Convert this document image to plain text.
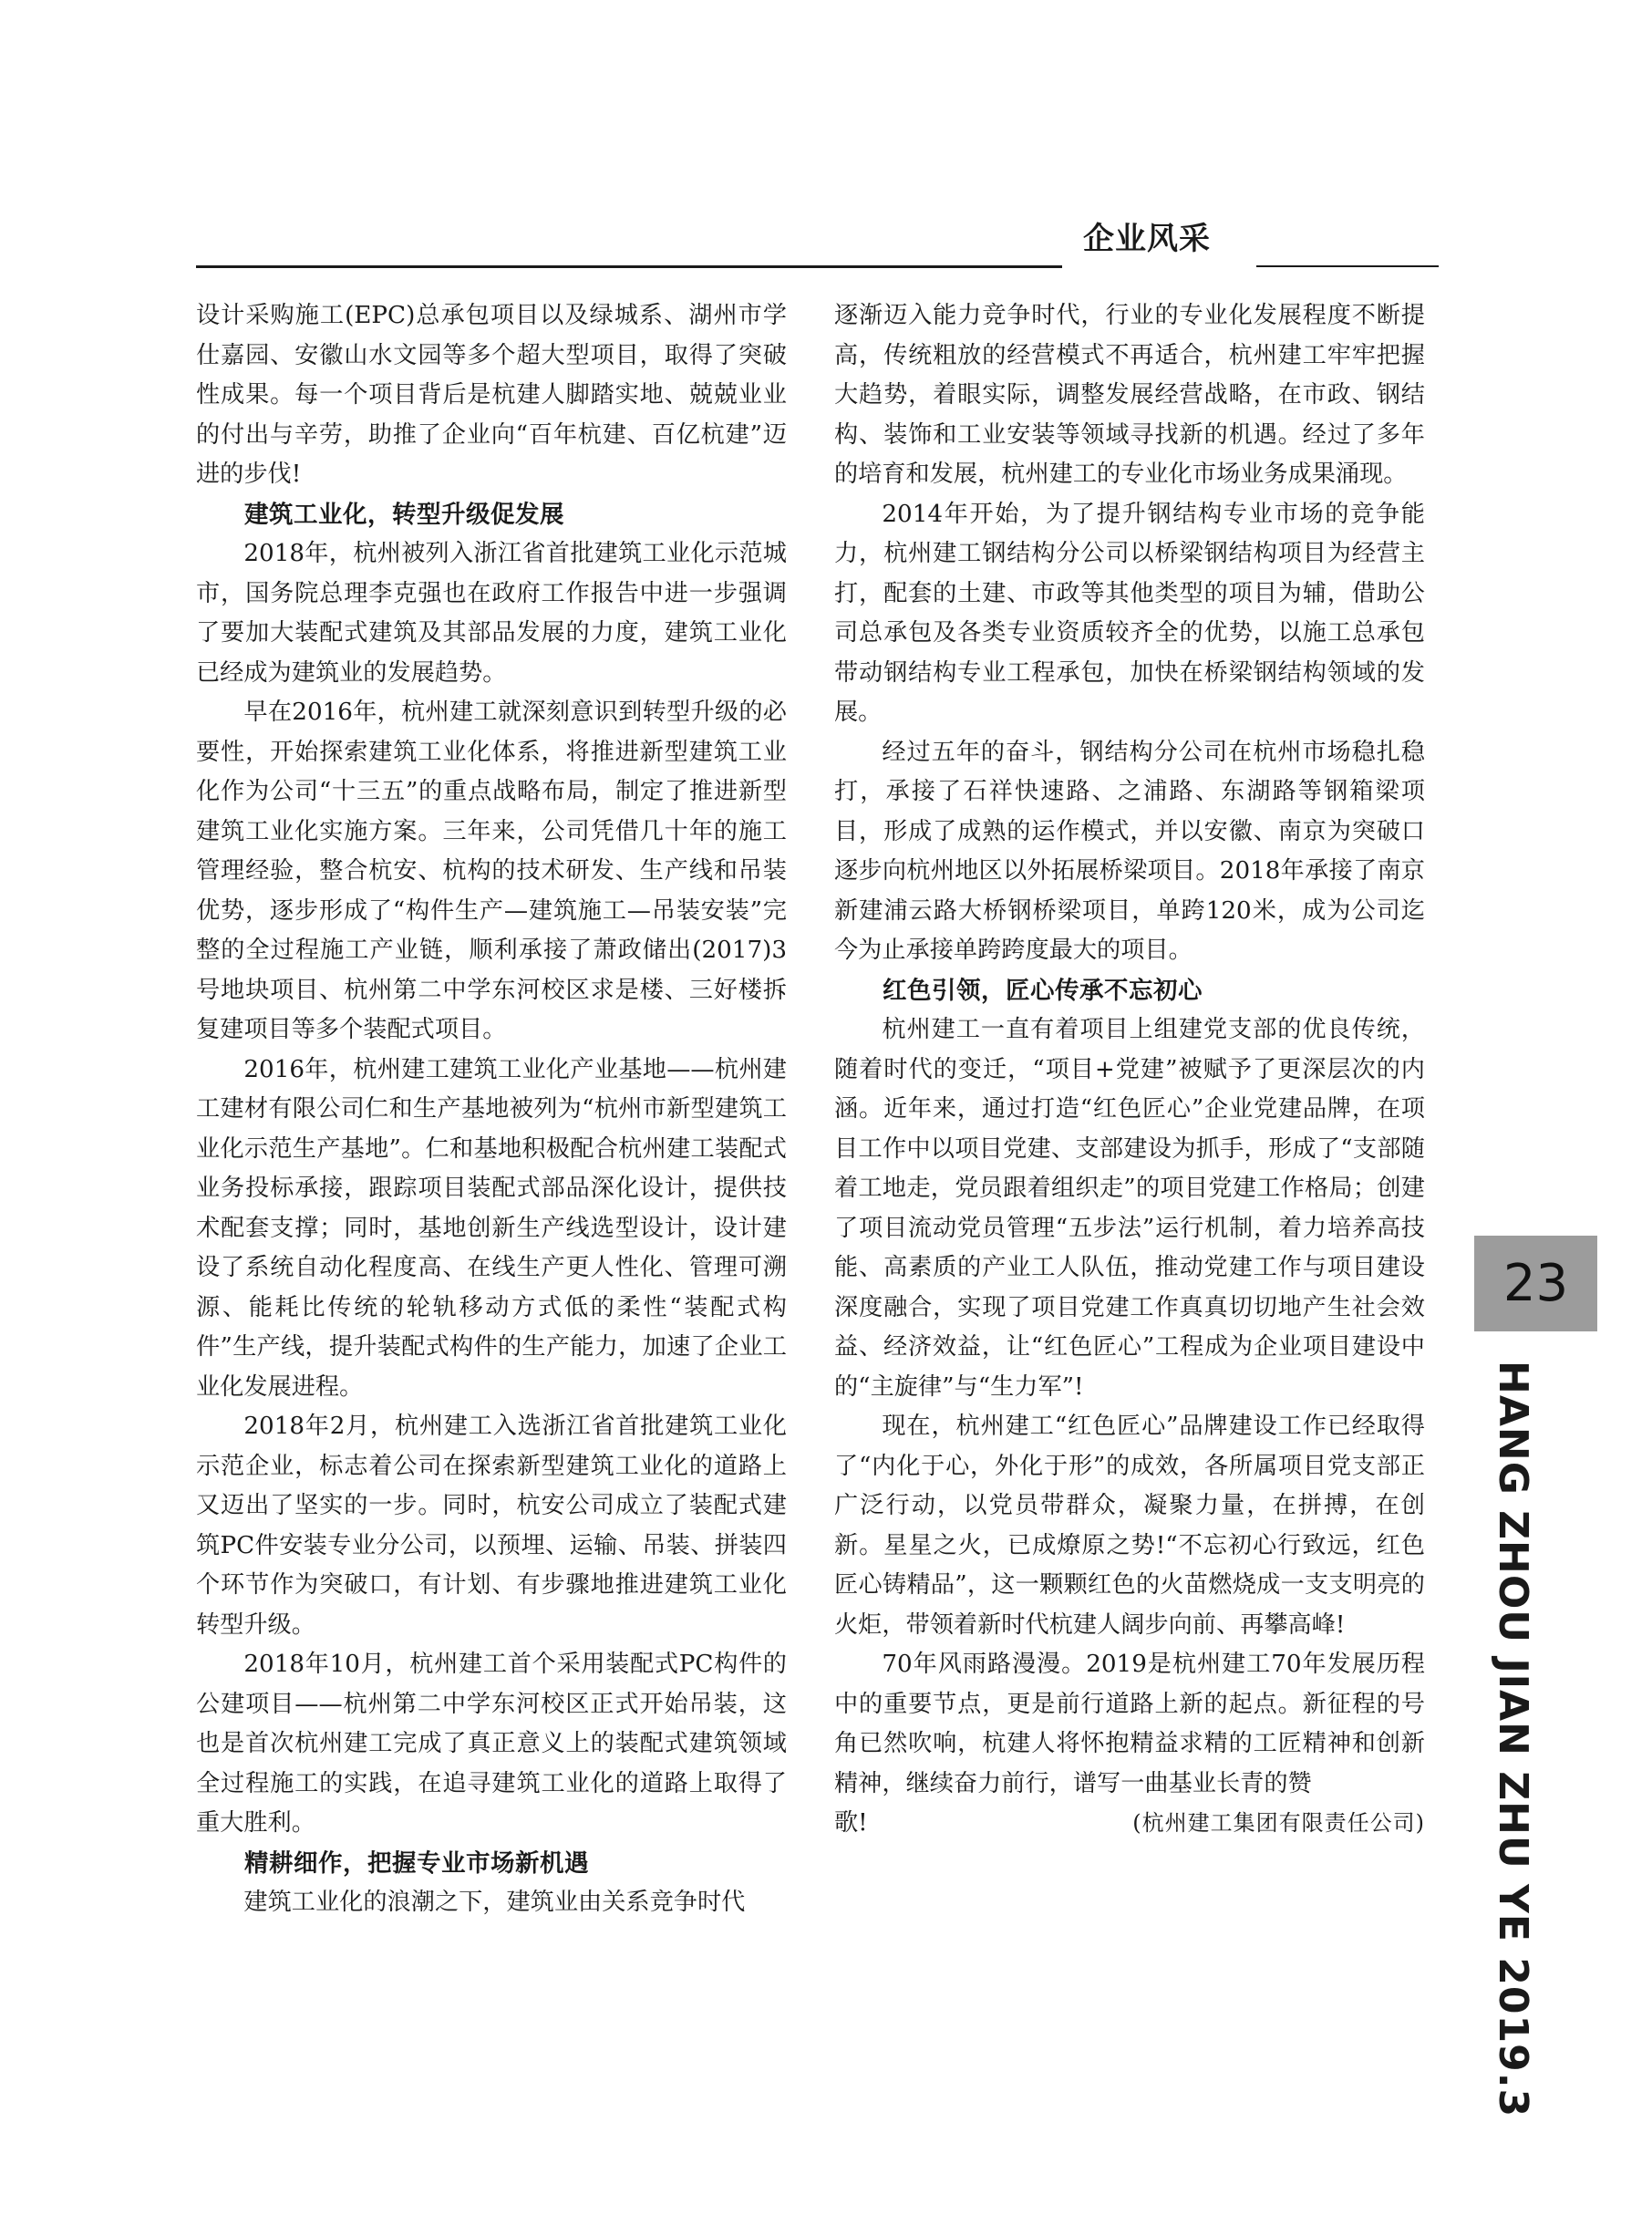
企业风采

设计采购施工(EPC)总承包项目以及绿城系、湖州市学仕嘉园、安徽山水文园等多个超大型项目，取得了突破性成果。每一个项目背后是杭建人脚踏实地、兢兢业业的付出与辛劳，助推了企业向“百年杭建、百亿杭建”迈进的步伐!

建筑工业化，转型升级促发展

2018年，杭州被列入浙江省首批建筑工业化示范城市，国务院总理李克强也在政府工作报告中进一步强调了要加大装配式建筑及其部品发展的力度，建筑工业化已经成为建筑业的发展趋势。

早在2016年，杭州建工就深刻意识到转型升级的必要性，开始探索建筑工业化体系，将推进新型建筑工业化作为公司“十三五”的重点战略布局，制定了推进新型建筑工业化实施方案。三年来，公司凭借几十年的施工管理经验，整合杭安、杭构的技术研发、生产线和吊装优势，逐步形成了“构件生产—建筑施工—吊装安装”完整的全过程施工产业链，顺利承接了萧政储出(2017)3号地块项目、杭州第二中学东河校区求是楼、三好楼拆复建项目等多个装配式项目。

2016年，杭州建工建筑工业化产业基地——杭州建工建材有限公司仁和生产基地被列为“杭州市新型建筑工业化示范生产基地”。仁和基地积极配合杭州建工装配式业务投标承接，跟踪项目装配式部品深化设计，提供技术配套支撑；同时，基地创新生产线选型设计，设计建设了系统自动化程度高、在线生产更人性化、管理可溯源、能耗比传统的轮轨移动方式低的柔性“装配式构件”生产线，提升装配式构件的生产能力，加速了企业工业化发展进程。

2018年2月，杭州建工入选浙江省首批建筑工业化示范企业，标志着公司在探索新型建筑工业化的道路上又迈出了坚实的一步。同时，杭安公司成立了装配式建筑PC件安装专业分公司，以预埋、运输、吊装、拼装四个环节作为突破口，有计划、有步骤地推进建筑工业化转型升级。

2018年10月，杭州建工首个采用装配式PC构件的公建项目——杭州第二中学东河校区正式开始吊装，这也是首次杭州建工完成了真正意义上的装配式建筑领域全过程施工的实践，在追寻建筑工业化的道路上取得了重大胜利。

精耕细作，把握专业市场新机遇

建筑工业化的浪潮之下，建筑业由关系竞争时代

逐渐迈入能力竞争时代，行业的专业化发展程度不断提高，传统粗放的经营模式不再适合，杭州建工牢牢把握大趋势，着眼实际，调整发展经营战略，在市政、钢结构、装饰和工业安装等领域寻找新的机遇。经过了多年的培育和发展，杭州建工的专业化市场业务成果涌现。

2014年开始，为了提升钢结构专业市场的竞争能力，杭州建工钢结构分公司以桥梁钢结构项目为经营主打，配套的土建、市政等其他类型的项目为辅，借助公司总承包及各类专业资质较齐全的优势，以施工总承包带动钢结构专业工程承包，加快在桥梁钢结构领域的发展。

经过五年的奋斗，钢结构分公司在杭州市场稳扎稳打，承接了石祥快速路、之浦路、东湖路等钢箱梁项目，形成了成熟的运作模式，并以安徽、南京为突破口逐步向杭州地区以外拓展桥梁项目。2018年承接了南京新建浦云路大桥钢桥梁项目，单跨120米，成为公司迄今为止承接单跨跨度最大的项目。

红色引领，匠心传承不忘初心

杭州建工一直有着项目上组建党支部的优良传统，随着时代的变迁，“项目+党建”被赋予了更深层次的内涵。近年来，通过打造“红色匠心”企业党建品牌，在项目工作中以项目党建、支部建设为抓手，形成了“支部随着工地走，党员跟着组织走”的项目党建工作格局；创建了项目流动党员管理“五步法”运行机制，着力培养高技能、高素质的产业工人队伍，推动党建工作与项目建设深度融合，实现了项目党建工作真真切切地产生社会效益、经济效益，让“红色匠心”工程成为企业项目建设中的“主旋律”与“生力军”!

现在，杭州建工“红色匠心”品牌建设工作已经取得了“内化于心，外化于形”的成效，各所属项目党支部正广泛行动，以党员带群众，凝聚力量，在拼搏，在创新。星星之火，已成燎原之势!“不忘初心行致远，红色匠心铸精品”，这一颗颗红色的火苗燃烧成一支支明亮的火炬，带领着新时代杭建人阔步向前、再攀高峰!

70年风雨路漫漫。2019是杭州建工70年发展历程中的重要节点，更是前行道路上新的起点。新征程的号角已然吹响，杭建人将怀抱精益求精的工匠精神和创新精神，继续奋力前行，谱写一曲基业长青的赞

歌!	(杭州建工集团有限责任公司)

23
HANG ZHOU JIAN ZHU YE 2019.3
